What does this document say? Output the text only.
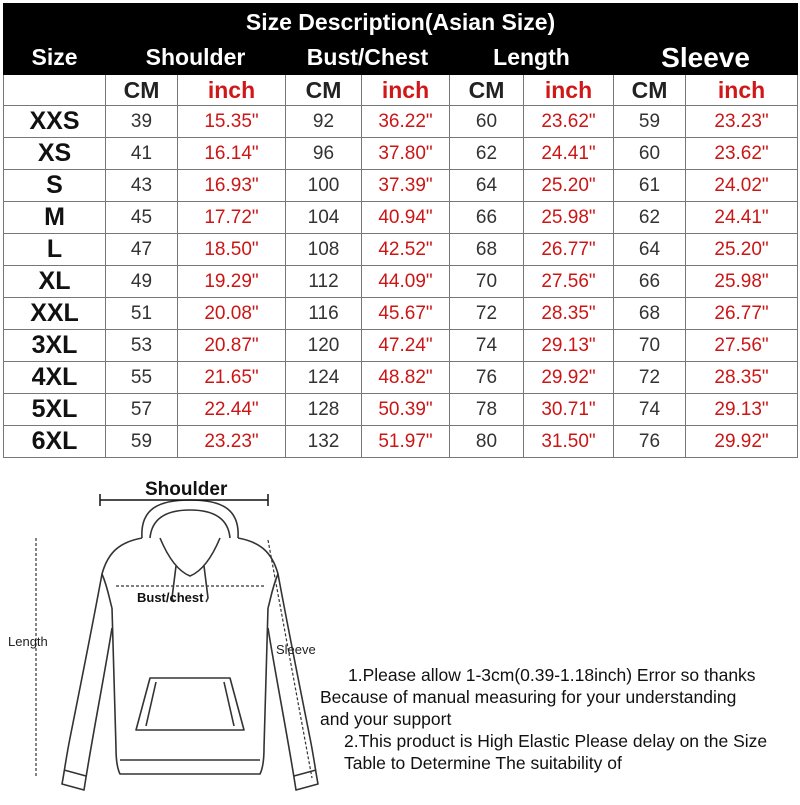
Size Description(Asian Size)								
Size	Shoulder		Bust/Chest		Length		Sleeve	
	CM	inch	CM	inch	CM	inch	CM	inch
XXS	39	15.35"	92	36.22"	60	23.62"	59	23.23"
XS	41	16.14"	96	37.80"	62	24.41"	60	23.62"
S	43	16.93"	100	37.39"	64	25.20"	61	24.02"
M	45	17.72"	104	40.94"	66	25.98"	62	24.41"
L	47	18.50"	108	42.52"	68	26.77"	64	25.20"
XL	49	19.29"	112	44.09"	70	27.56"	66	25.98"
XXL	51	20.08"	116	45.67"	72	28.35"	68	26.77"
3XL	53	20.87"	120	47.24"	74	29.13"	70	27.56"
4XL	55	21.65"	124	48.82"	76	29.92"	72	28.35"
5XL	57	22.44"	128	50.39"	78	30.71"	74	29.13"
6XL	59	23.23"	132	51.97"	80	31.50"	76	29.92"
Shoulder
Bust/chest
Length
Sleeve

1.Please allow 1-3cm(0.39-1.18inch) Error so thanks

Because of manual measuring for your understanding

and your support

2.This product is High Elastic Please delay on the Size

Table to Determine The suitability of
